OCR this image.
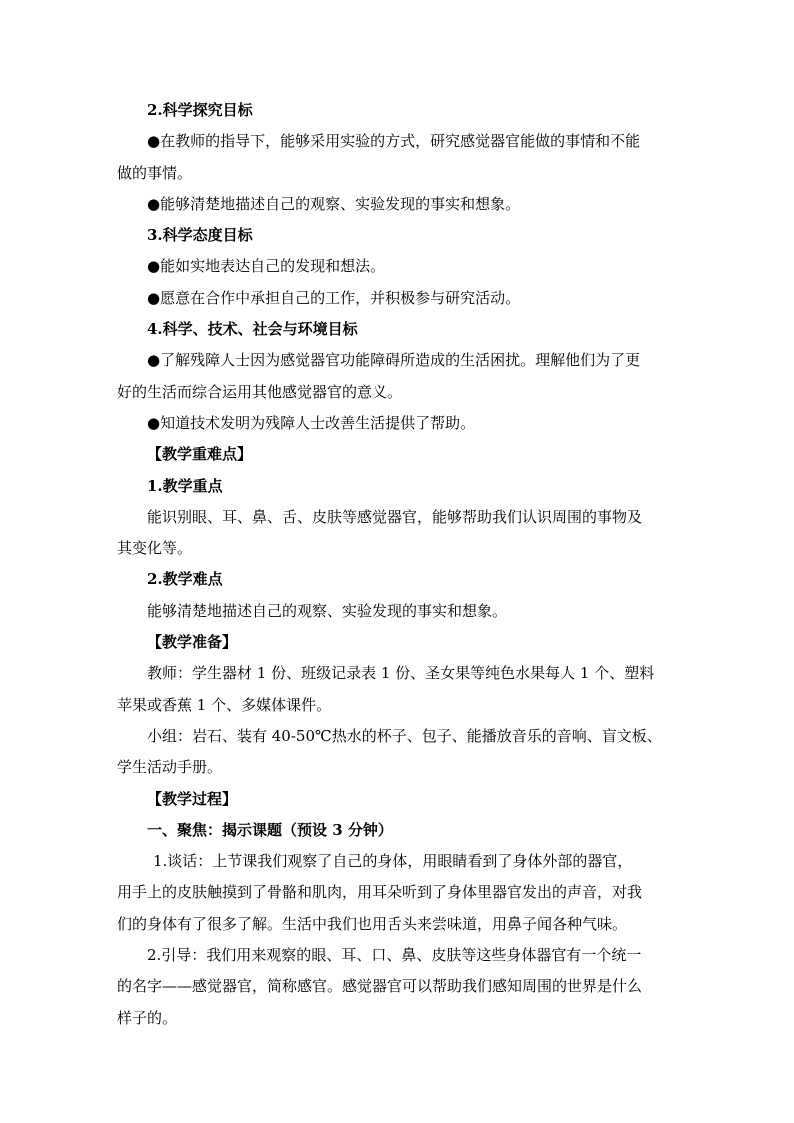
2.科学探究目标

●在教师的指导下，能够采用实验的方式，研究感觉器官能做的事情和不能

做的事情。

●能够清楚地描述自己的观察、实验发现的事实和想象。

3.科学态度目标

●能如实地表达自己的发现和想法。

●愿意在合作中承担自己的工作，并积极参与研究活动。

4.科学、技术、社会与环境目标

●了解残障人士因为感觉器官功能障碍所造成的生活困扰。理解他们为了更

好的生活而综合运用其他感觉器官的意义。

●知道技术发明为残障人士改善生活提供了帮助。

【教学重难点】

1.教学重点

能识别眼、耳、鼻、舌、皮肤等感觉器官，能够帮助我们认识周围的事物及

其变化等。

2.教学难点

能够清楚地描述自己的观察、实验发现的事实和想象。

【教学准备】

教师：学生器材 1 份、班级记录表 1 份、圣女果等纯色水果每人 1 个、塑料

苹果或香蕉 1 个、多媒体课件。

小组：岩石、装有 40-50℃热水的杯子、包子、能播放音乐的音响、盲文板、

学生活动手册。

【教学过程】

一、聚焦：揭示课题（预设 3 分钟）

1.谈话：上节课我们观察了自己的身体，用眼睛看到了身体外部的器官，

用手上的皮肤触摸到了骨骼和肌肉，用耳朵听到了身体里器官发出的声音，对我

们的身体有了很多了解。生活中我们也用舌头来尝味道，用鼻子闻各种气味。

2.引导：我们用来观察的眼、耳、口、鼻、皮肤等这些身体器官有一个统一

的名字——感觉器官，简称感官。感觉器官可以帮助我们感知周围的世界是什么

样子的。
